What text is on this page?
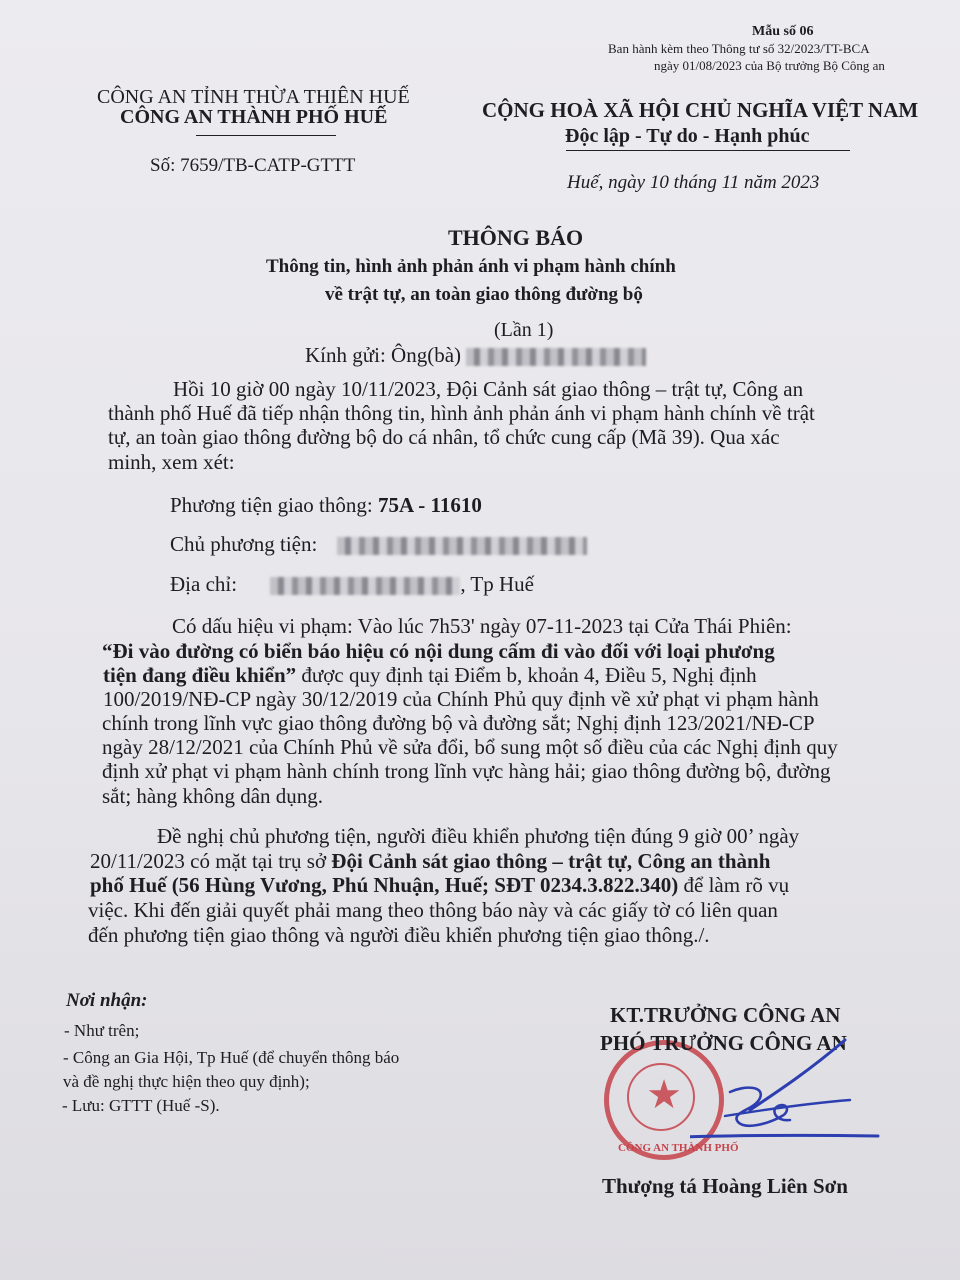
Mẫu số 06
Ban hành kèm theo Thông tư số 32/2023/TT-BCA
ngày 01/08/2023 của Bộ trưởng Bộ Công an
CÔNG AN TỈNH THỪA THIÊN HUẾ
CÔNG AN THÀNH PHỐ HUẾ
Số: 7659/TB-CATP-GTTT
CỘNG HOÀ XÃ HỘI CHỦ NGHĨA VIỆT NAM
Độc lập - Tự do - Hạnh phúc
Huế, ngày 10 tháng 11 năm 2023
THÔNG BÁO
Thông tin, hình ảnh phản ánh vi phạm hành chính
về trật tự, an toàn giao thông đường bộ
(Lần 1)
Kính gửi: Ông(bà)
Hồi 10 giờ 00 ngày 10/11/2023, Đội Cảnh sát giao thông – trật tự, Công an
thành phố Huế đã tiếp nhận thông tin, hình ảnh phản ánh vi phạm hành chính về trật
tự, an toàn giao thông đường bộ do cá nhân, tổ chức cung cấp (Mã 39). Qua xác
minh, xem xét:
Phương tiện giao thông: 75A - 11610
Chủ phương tiện:
Địa chỉ:	, Tp Huế
Có dấu hiệu vi phạm: Vào lúc 7h53' ngày 07-11-2023 tại Cửa Thái Phiên:
“Đi vào đường có biển báo hiệu có nội dung cấm đi vào đối với loại phương
tiện đang điều khiển” được quy định tại Điểm b, khoản 4, Điều 5, Nghị định
100/2019/NĐ-CP ngày 30/12/2019 của Chính Phủ quy định về xử phạt vi phạm hành
chính trong lĩnh vực giao thông đường bộ và đường sắt; Nghị định 123/2021/NĐ-CP
ngày 28/12/2021 của Chính Phủ về sửa đổi, bổ sung một số điều của các Nghị định quy
định xử phạt vi phạm hành chính trong lĩnh vực hàng hải; giao thông đường bộ, đường
sắt; hàng không dân dụng.
Đề nghị chủ phương tiện, người điều khiển phương tiện đúng 9 giờ 00’ ngày
20/11/2023 có mặt tại trụ sở Đội Cảnh sát giao thông – trật tự, Công an thành
phố Huế (56 Hùng Vương, Phú Nhuận, Huế; SĐT 0234.3.822.340) để làm rõ vụ
việc. Khi đến giải quyết phải mang theo thông báo này và các giấy tờ có liên quan
đến phương tiện giao thông và người điều khiển phương tiện giao thông./.
Nơi nhận:
- Như trên;
- Công an Gia Hội, Tp Huế (để chuyển thông báo
và đề nghị thực hiện theo quy định);
- Lưu: GTTT (Huế -S).	★
CÔNG AN THÀNH PHỐ
KT.TRƯỞNG CÔNG AN
PHÓ TRƯỞNG CÔNG AN
Thượng tá Hoàng Liên Sơn
